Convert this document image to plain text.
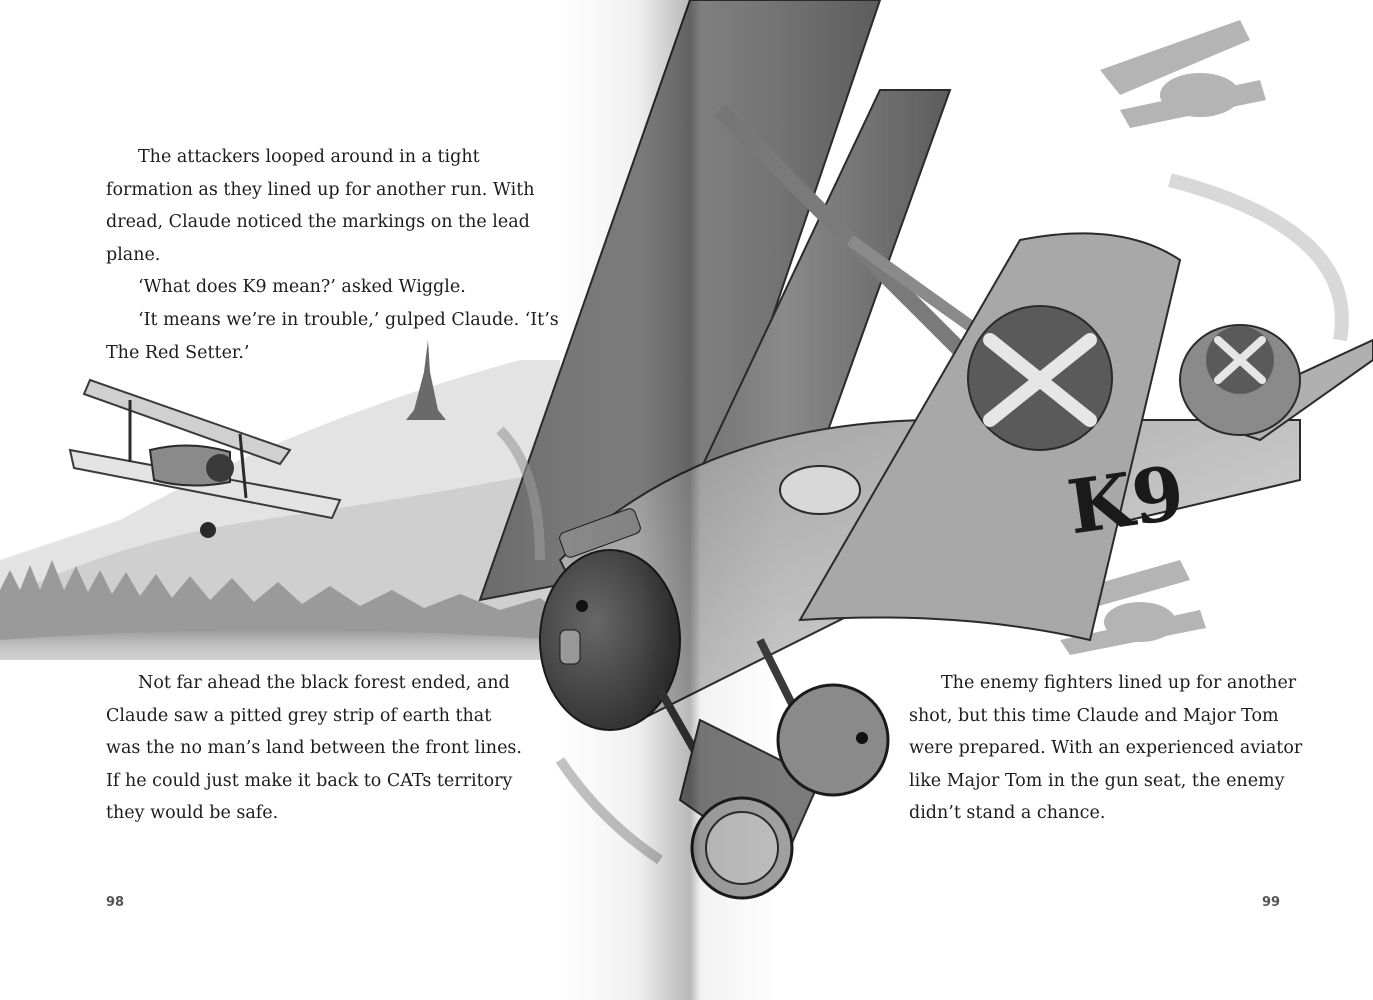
K9

The attackers looped around in a tight formation as they lined up for another run. With dread, Claude noticed the markings on the lead plane.

‘What does K9 mean?’ asked Wiggle.

‘It means we’re in trouble,’ gulped Claude. ‘It’s The Red Setter.’

Not far ahead the black forest ended, and Claude saw a pitted grey strip of earth that was the no man’s land between the front lines. If he could just make it back to CATs territory they would be safe.

The enemy fighters lined up for another shot, but this time Claude and Major Tom were prepared. With an experienced aviator like Major Tom in the gun seat, the enemy didn’t stand a chance.

98	99
